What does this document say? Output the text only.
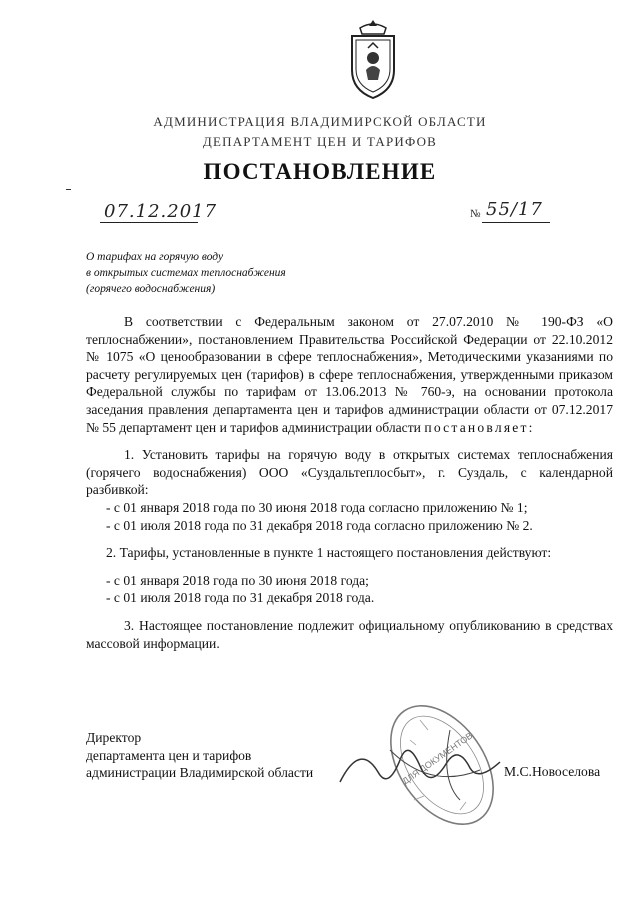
АДМИНИСТРАЦИЯ ВЛАДИМИРСКОЙ ОБЛАСТИ
ДЕПАРТАМЕНТ ЦЕН И ТАРИФОВ
ПОСТАНОВЛЕНИЕ
07.12.2017	№ 55/17
О тарифах на горячую воду
в открытых системах теплоснабжения
(горячего водоснабжения)

В соответствии с Федеральным законом от 27.07.2010 № 190-ФЗ «О теплоснабжении», постановлением Правительства Российской Федерации от 22.10.2012 № 1075 «О ценообразовании в сфере теплоснабжения», Методическими указаниями по расчету регулируемых цен (тарифов) в сфере теплоснабжения, утвержденными приказом Федеральной службы по тарифам от 13.06.2013 № 760-э, на основании протокола заседания правления департамента цен и тарифов администрации области от 07.12.2017 № 55 департамент цен и тарифов администрации области постановляет:

1. Установить тарифы на горячую воду в открытых системах теплоснабжения (горячего водоснабжения) ООО «Суздальтеплосбыт», г. Суздаль, с календарной разбивкой:

- с 01 января 2018 года по 30 июня 2018 года согласно приложению № 1;

- с 01 июля 2018 года по 31 декабря 2018 года согласно приложению № 2.

2. Тарифы, установленные в пункте 1 настоящего постановления действуют:

- с 01 января 2018 года по 30 июня 2018 года;

- с 01 июля 2018 года по 31 декабря 2018 года.

3. Настоящее постановление подлежит официальному опубликованию в средствах массовой информации.

Директор
департамента цен и тарифов
администрации Владимирской области	М.С.Новоселова
ДЛЯ ДОКУМЕНТОВ
